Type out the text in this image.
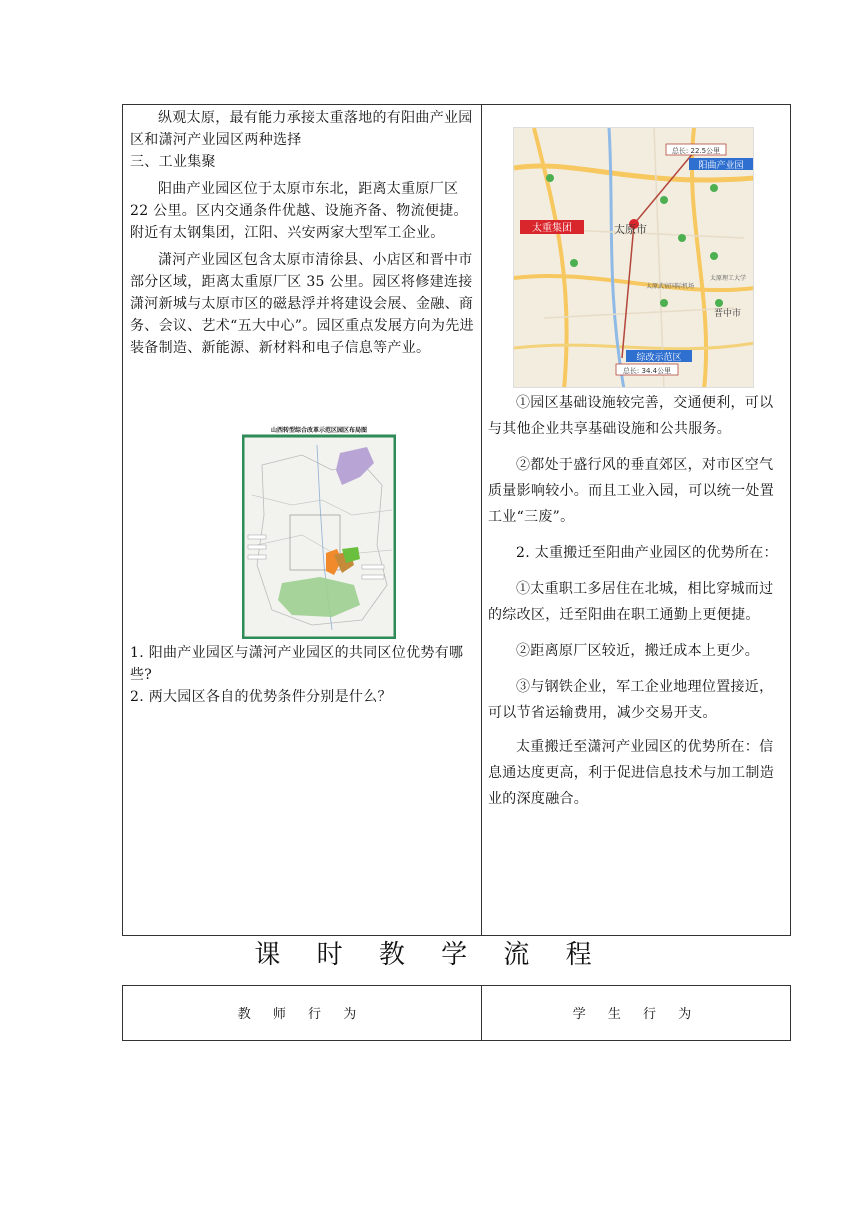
纵观太原，最有能力承接太重落地的有阳曲产业园区和潇河产业园区两种选择

三、工业集聚

阳曲产业园区位于太原市东北，距离太重原厂区 22 公里。区内交通条件优越、设施齐备、物流便捷。附近有太钢集团，江阳、兴安两家大型军工企业。

潇河产业园区包含太原市清徐县、小店区和晋中市部分区域，距离太重原厂区 35 公里。园区将修建连接潇河新城与太原市区的磁悬浮并将建设会展、金融、商务、会议、艺术“五大中心”。园区重点发展方向为先进装备制造、新能源、新材料和电子信息等产业。

山西转型综合改革示范区园区布局图

1. 阳曲产业园区与潇河产业园区的共同区位优势有哪些?

2. 两大园区各自的优势条件分别是什么？

太重集团
阳曲产业园
综改示范区
总长: 22.5公里
总长: 34.4公里
太原市
晋中市
太原理工大学
太原武宿国际机场

①园区基础设施较完善，交通便利，可以与其他企业共享基础设施和公共服务。

②都处于盛行风的垂直郊区，对市区空气质量影响较小。而且工业入园，可以统一处置工业“三废”。

2. 太重搬迁至阳曲产业园区的优势所在：

①太重职工多居住在北城，相比穿城而过的综改区，迁至阳曲在职工通勤上更便捷。

②距离原厂区较近，搬迁成本上更少。

③与钢铁企业，军工企业地理位置接近，可以节省运输费用，减少交易开支。

太重搬迁至潇河产业园区的优势所在：信息通达度更高，利于促进信息技术与加工制造业的深度融合。

课 时 教 学 流 程
教 师 行 为	学 生 行 为
